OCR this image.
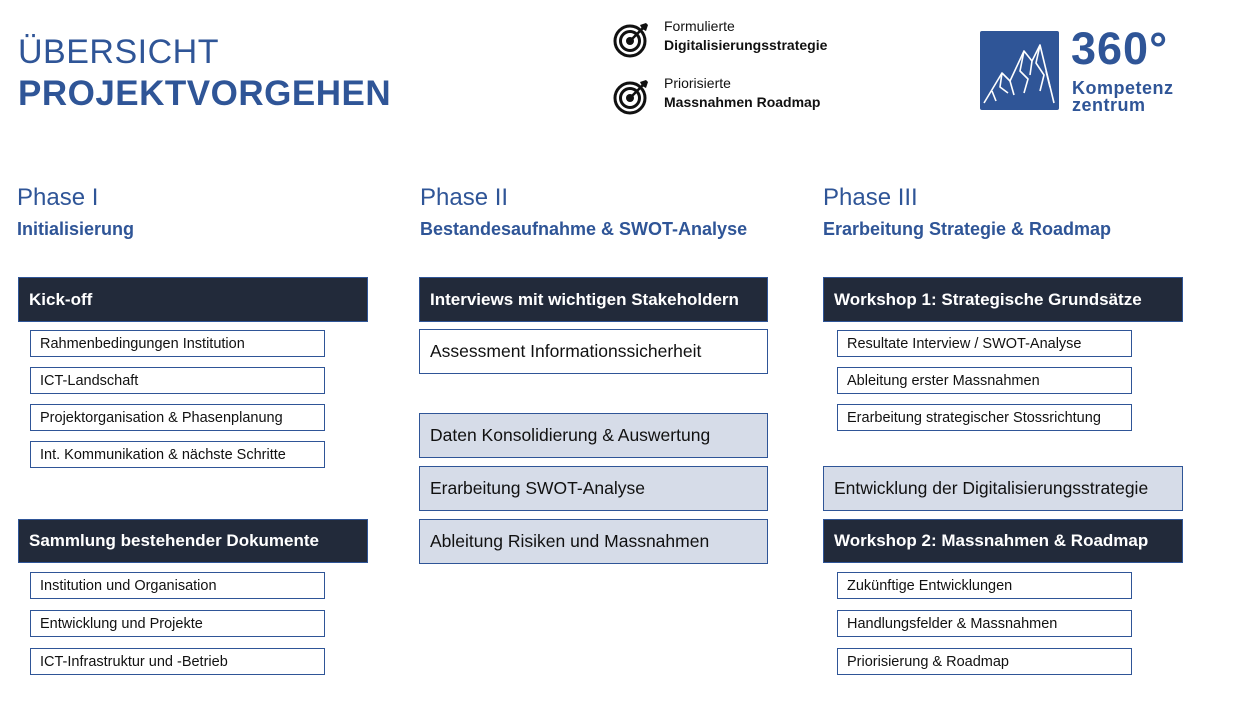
ÜBERSICHT
PROJEKTVORGEHEN
Formulierte
Digitalisierungsstrategie
Priorisierte
Massnahmen Roadmap
360°
Kompetenz
zentrum
Phase I
Initialisierung
Phase II
Bestandesaufnahme & SWOT-Analyse
Phase III
Erarbeitung Strategie & Roadmap
Kick-off
Rahmenbedingungen Institution
ICT-Landschaft
Projektorganisation & Phasenplanung
Int. Kommunikation & nächste Schritte
Sammlung bestehender Dokumente
Institution und Organisation
Entwicklung und Projekte
ICT-Infrastruktur und -Betrieb
Interviews mit wichtigen Stakeholdern
Assessment Informationssicherheit
Daten Konsolidierung & Auswertung
Erarbeitung SWOT-Analyse
Ableitung Risiken und Massnahmen
Workshop 1: Strategische Grundsätze
Resultate Interview / SWOT-Analyse
Ableitung erster Massnahmen
Erarbeitung strategischer Stossrichtung
Entwicklung der Digitalisierungsstrategie
Workshop 2: Massnahmen & Roadmap
Zukünftige Entwicklungen
Handlungsfelder & Massnahmen
Priorisierung & Roadmap
